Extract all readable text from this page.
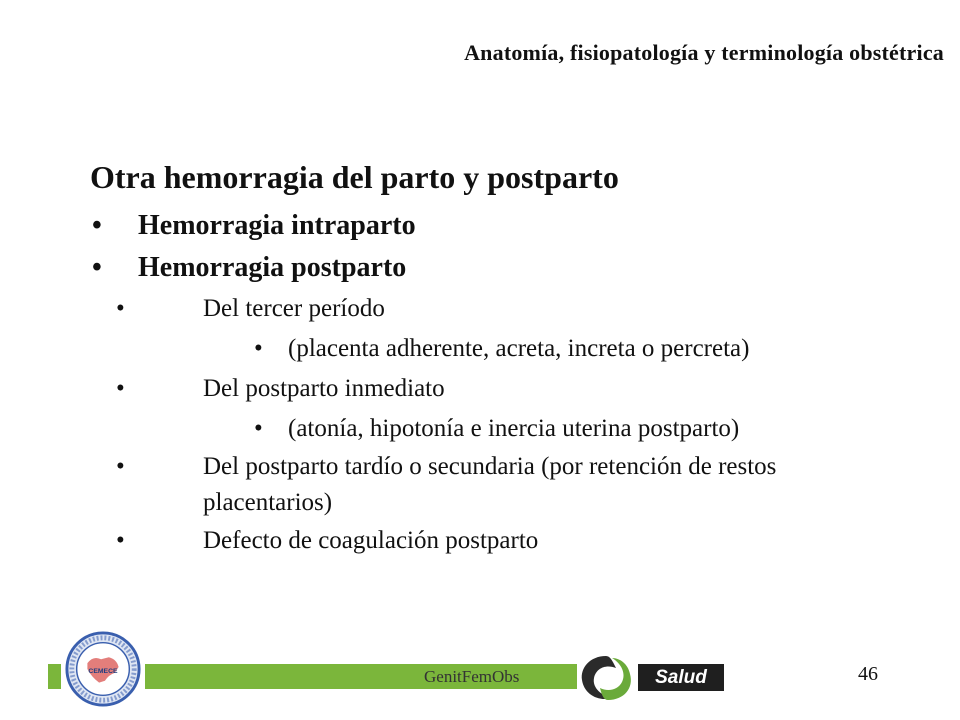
Anatomía, fisiopatología y terminología obstétrica
Otra hemorragia del parto y postparto
• Hemorragia intraparto
• Hemorragia postparto
•	Del tercer período
• (placenta adherente, acreta, increta o percreta)
•	Del postparto inmediato
• (atonía, hipotonía e inercia uterina postparto)
•	Del postparto tardío o secundaria (por retención de restos placentarios)
•	Defecto de coagulación postparto
GenitFemObs
CEMECE	Salud	46
